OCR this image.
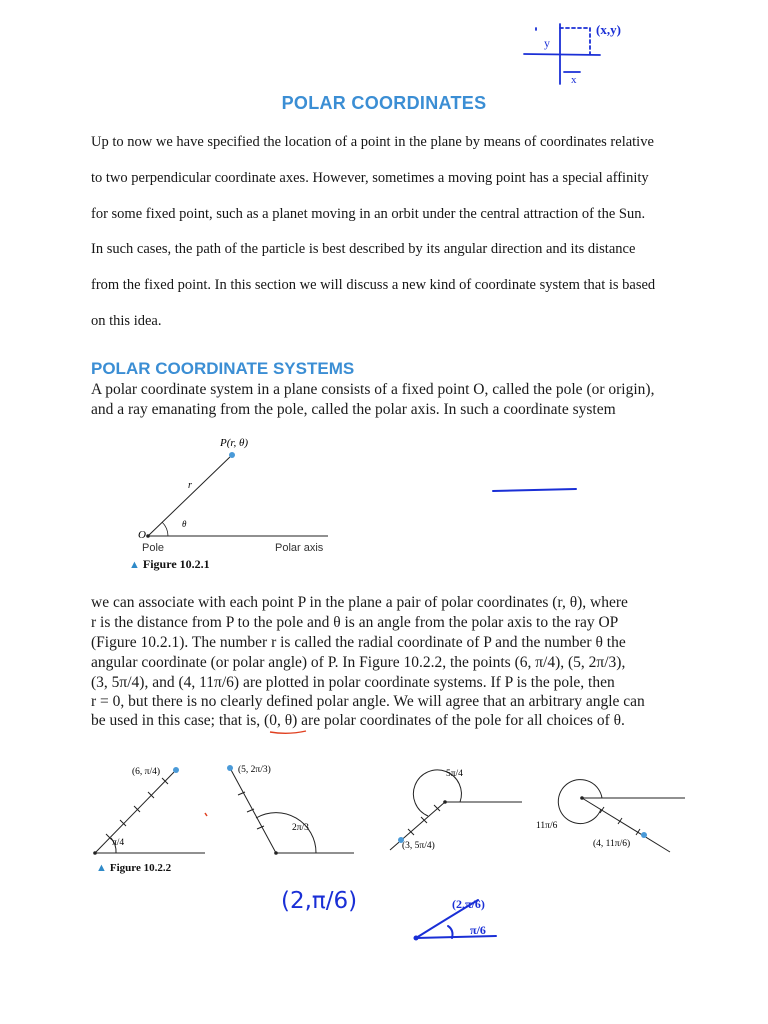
y
x
(x,y)
POLAR COORDINATES
Up to now we have specified the location of a point in the plane by means of coordinates relative
to two perpendicular coordinate axes. However, sometimes a moving point has a special affinity
for some fixed point, such as a planet moving in an orbit under the central attraction of the Sun.
In such cases, the path of the particle is best described by its angular direction and its distance
from the fixed point. In this section we will discuss a new kind of coordinate system that is based
on this idea.
POLAR COORDINATE SYSTEMS
A polar coordinate system in a plane consists of a fixed point O, called the pole (or origin),
and a ray emanating from the pole, called the polar axis. In such a coordinate system
P(r, θ)
r
θ
O
Pole	Polar axis
▲ Figure 10.2.1
we can associate with each point P in the plane a pair of polar coordinates (r, θ), where
r is the distance from P to the pole and θ is an angle from the polar axis to the ray OP
(Figure 10.2.1). The number r is called the radial coordinate of P and the number θ the
angular coordinate (or polar angle) of P. In Figure 10.2.2, the points (6, π/4), (5, 2π/3),
(3, 5π/4), and (4, 11π/6) are plotted in polar coordinate systems. If P is the pole, then
r = 0, but there is no clearly defined polar angle. We will agree that an arbitrary angle can
be used in this case; that is, (0, θ) are polar coordinates of the pole for all choices of θ.
(6, π/4)
π/4
(5, 2π/3)
2π/3
5π/4
(3, 5π/4)
11π/6
(4, 11π/6)
▲ Figure 10.2.2
(2,π/6)	(2,π/6)
π/6
